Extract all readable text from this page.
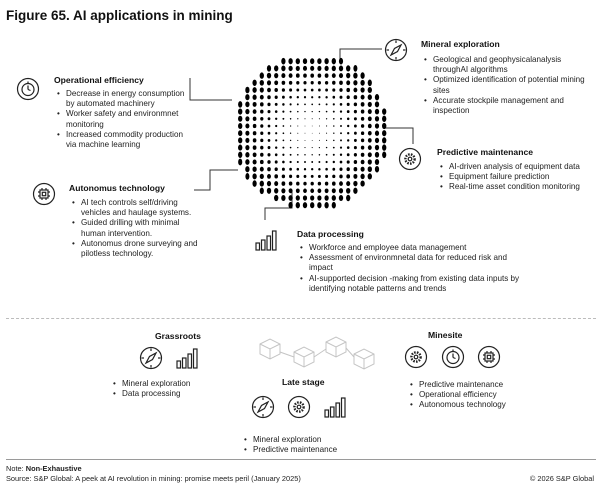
Figure 65. AI applications in mining
Operational efficiency
• Decrease in energy consumption by automated machinery
• Worker safety and environmnet monitoring
• Increased commodity production via machine learning
Autonomus technology
• AI tech controls self/driving vehicles and haulage systems.
• Guided drilling with minimal human intervention.
• Autonomus drone surveying and pilotless technology.
Mineral exploration
• Geological and geophysicalanalysis throughAI algorithms
• Optimized identification of potential mining sites
• Accurate stockpile management and inspection
Predictive maintenance
• AI-driven analysis of equipment data
• Equipment failure prediction
• Real-time asset condition monitoring
Data processing
• Workforce and employee data management
• Assessment of environmnetal data for reduced risk and impact
• AI-supported decision -making from existing data inputs by identifying notable patterns and trends
Grassroots
• Mineral exploration
• Data processing
Late stage
• Mineral exploration
• Predictive maintenance
Minesite
• Predictive maintenance
• Operational efficiency
• Autonomous technology
Note: Non-Exhaustive
Source: S&P Global: A peek at AI revolution in mining: promise meets peril (January 2025)	© 2026 S&P Global
